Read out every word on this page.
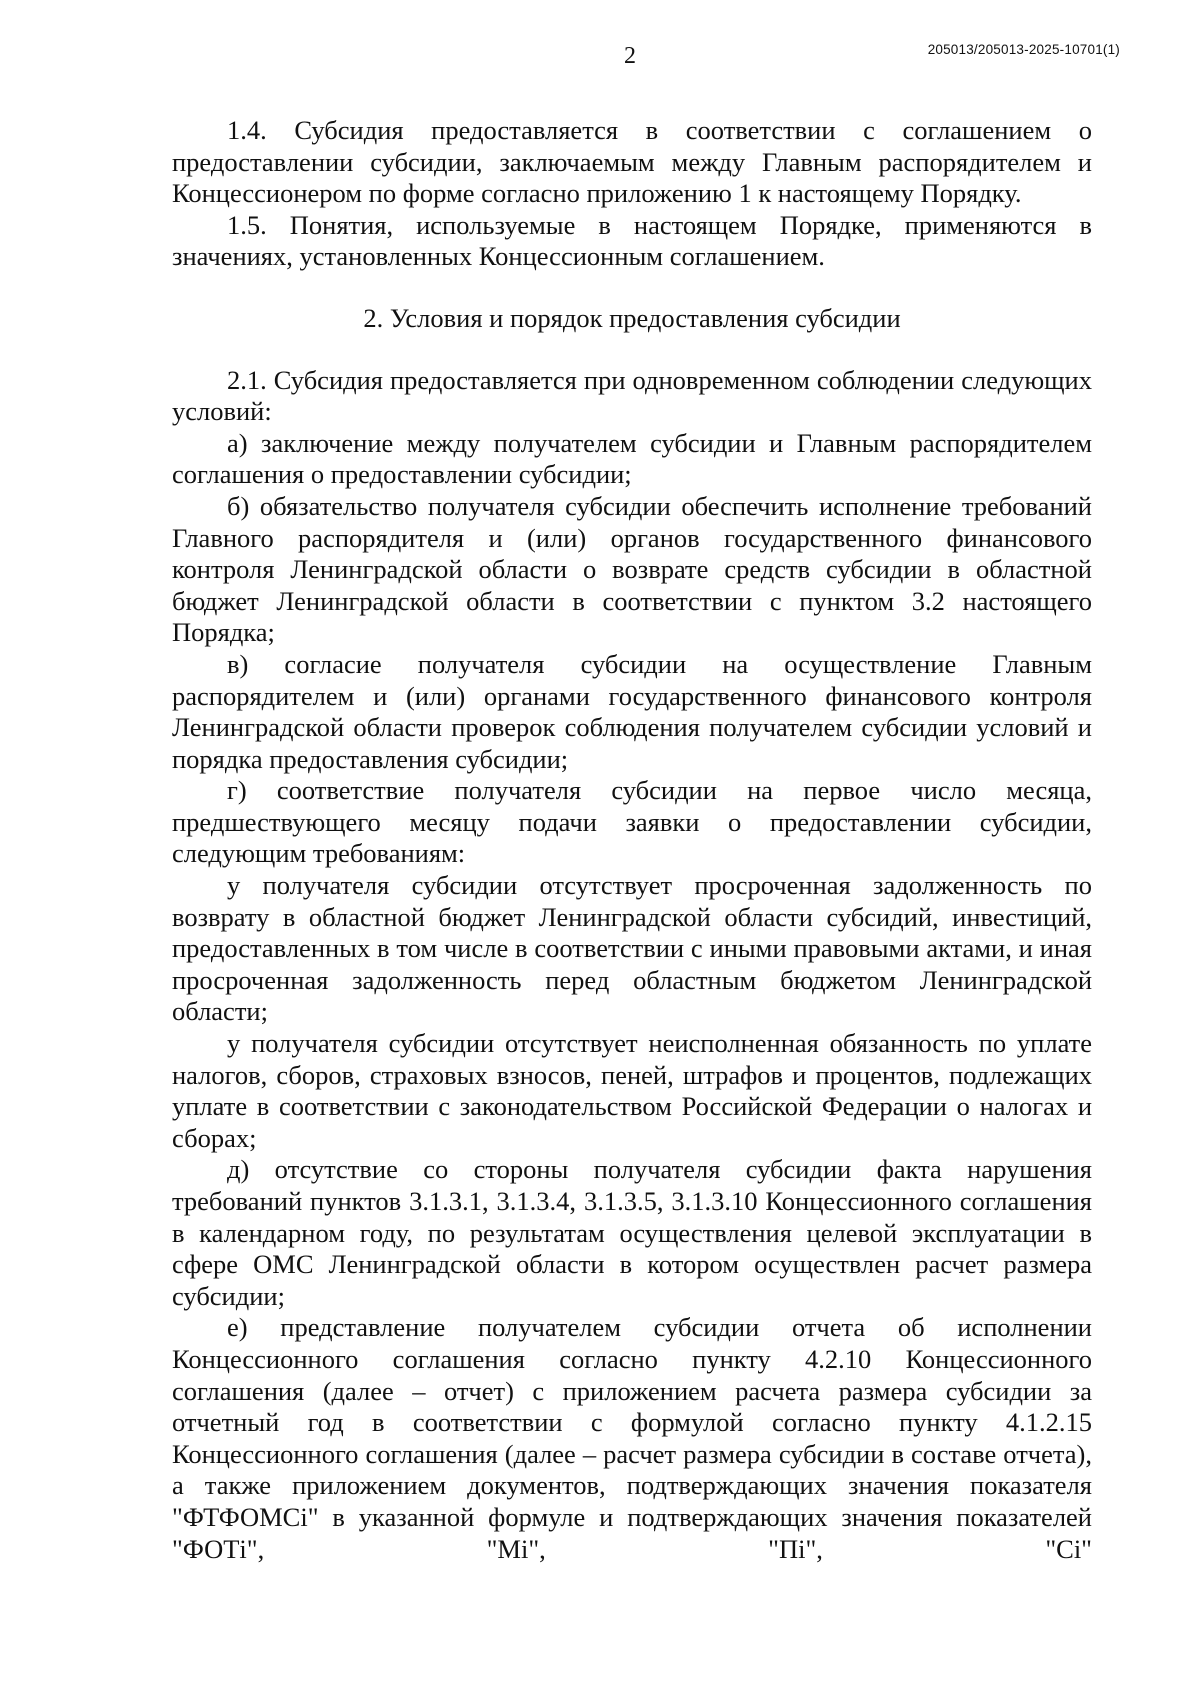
2	205013/205013-2025-10701(1)

1.4. Субсидия предоставляется в соответствии с соглашением о предоставлении субсидии, заключаемым между Главным распорядителем и Концессионером по форме согласно приложению 1 к настоящему Порядку.

1.5. Понятия, используемые в настоящем Порядке, применяются в значениях, установленных Концессионным соглашением.

2. Условия и порядок предоставления субсидии

2.1. Субсидия предоставляется при одновременном соблюдении следующих условий:

а) заключение между получателем субсидии и Главным распорядителем соглашения о предоставлении субсидии;

б) обязательство получателя субсидии обеспечить исполнение требований Главного распорядителя и (или) органов государственного финансового контроля Ленинградской области о возврате средств субсидии в областной бюджет Ленинградской области в соответствии с пунктом 3.2 настоящего Порядка;

в) согласие получателя субсидии на осуществление Главным распорядителем и (или) органами государственного финансового контроля Ленинградской области проверок соблюдения получателем субсидии условий и порядка предоставления субсидии;

г) соответствие получателя субсидии на первое число месяца, предшествующего месяцу подачи заявки о предоставлении субсидии, следующим требованиям:

у получателя субсидии отсутствует просроченная задолженность по возврату в областной бюджет Ленинградской области субсидий, инвестиций, предоставленных в том числе в соответствии с иными правовыми актами, и иная просроченная задолженность перед областным бюджетом Ленинградской области;

у получателя субсидии отсутствует неисполненная обязанность по уплате налогов, сборов, страховых взносов, пеней, штрафов и процентов, подлежащих уплате в соответствии с законодательством Российской Федерации о налогах и сборах;

д) отсутствие со стороны получателя субсидии факта нарушения требований пунктов 3.1.3.1, 3.1.3.4, 3.1.3.5, 3.1.3.10 Концессионного соглашения в календарном году, по результатам осуществления целевой эксплуатации в сфере ОМС Ленинградской области в котором осуществлен расчет размера субсидии;

е) представление получателем субсидии отчета об исполнении Концессионного соглашения согласно пункту 4.2.10 Концессионного соглашения (далее – отчет) с приложением расчета размера субсидии за отчетный год в соответствии с формулой согласно пункту 4.1.2.15 Концессионного соглашения (далее – расчет размера субсидии в составе отчета), а также приложением документов, подтверждающих значения показателя "ФТФОМСi" в указанной формуле и подтверждающих значения показателей "ФОТi", "Mi", "Пi", "Ci"
